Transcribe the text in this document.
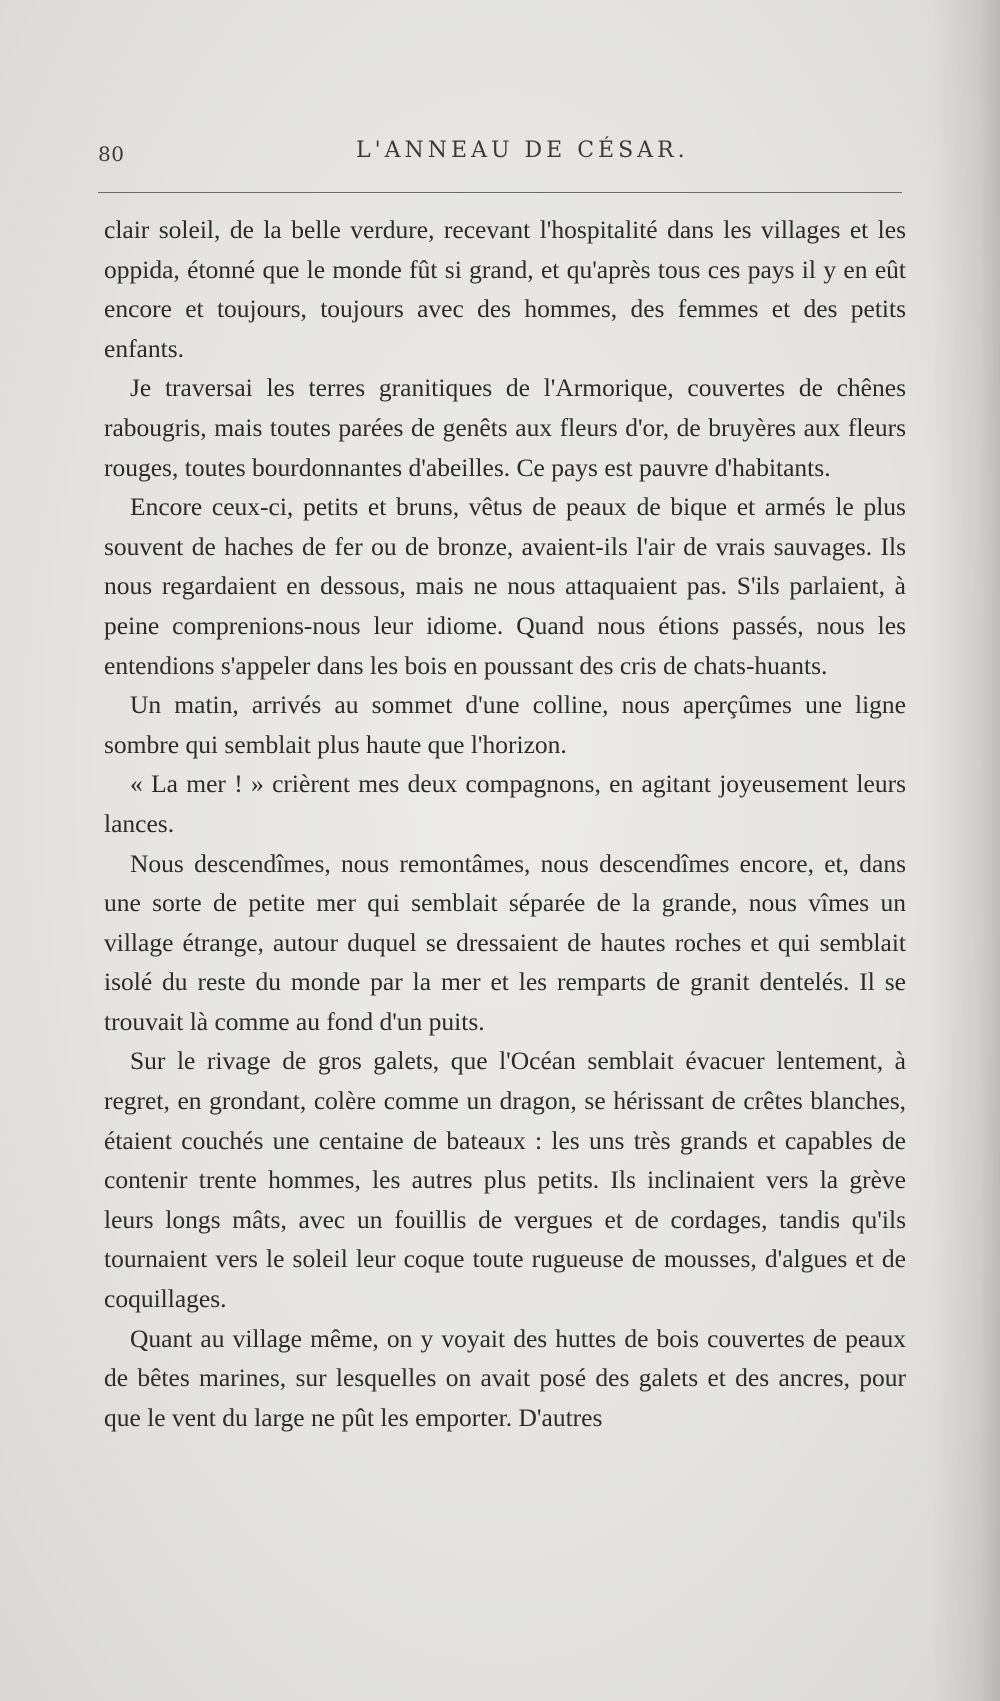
80	L'ANNEAU DE CÉSAR.

clair soleil, de la belle verdure, recevant l'hospitalité dans les villages et les oppida, étonné que le monde fût si grand, et qu'après tous ces pays il y en eût encore et toujours, toujours avec des hommes, des femmes et des petits enfants.

Je traversai les terres granitiques de l'Armorique, couvertes de chênes rabougris, mais toutes parées de genêts aux fleurs d'or, de bruyères aux fleurs rouges, toutes bourdonnantes d'abeilles. Ce pays est pauvre d'habitants.

Encore ceux-ci, petits et bruns, vêtus de peaux de bique et armés le plus souvent de haches de fer ou de bronze, avaient-ils l'air de vrais sauvages. Ils nous regardaient en dessous, mais ne nous attaquaient pas. S'ils parlaient, à peine comprenions-nous leur idiome. Quand nous étions passés, nous les entendions s'appeler dans les bois en poussant des cris de chats-huants.

Un matin, arrivés au sommet d'une colline, nous aperçûmes une ligne sombre qui semblait plus haute que l'horizon.

« La mer ! » crièrent mes deux compagnons, en agitant joyeusement leurs lances.

Nous descendîmes, nous remontâmes, nous descendîmes encore, et, dans une sorte de petite mer qui semblait séparée de la grande, nous vîmes un village étrange, autour duquel se dressaient de hautes roches et qui semblait isolé du reste du monde par la mer et les remparts de granit dentelés. Il se trouvait là comme au fond d'un puits.

Sur le rivage de gros galets, que l'Océan semblait évacuer lentement, à regret, en grondant, colère comme un dragon, se hérissant de crêtes blanches, étaient couchés une centaine de bateaux : les uns très grands et capables de contenir trente hommes, les autres plus petits. Ils inclinaient vers la grève leurs longs mâts, avec un fouillis de vergues et de cordages, tandis qu'ils tournaient vers le soleil leur coque toute rugueuse de mousses, d'algues et de coquillages.

Quant au village même, on y voyait des huttes de bois couvertes de peaux de bêtes marines, sur lesquelles on avait posé des galets et des ancres, pour que le vent du large ne pût les emporter. D'autres
